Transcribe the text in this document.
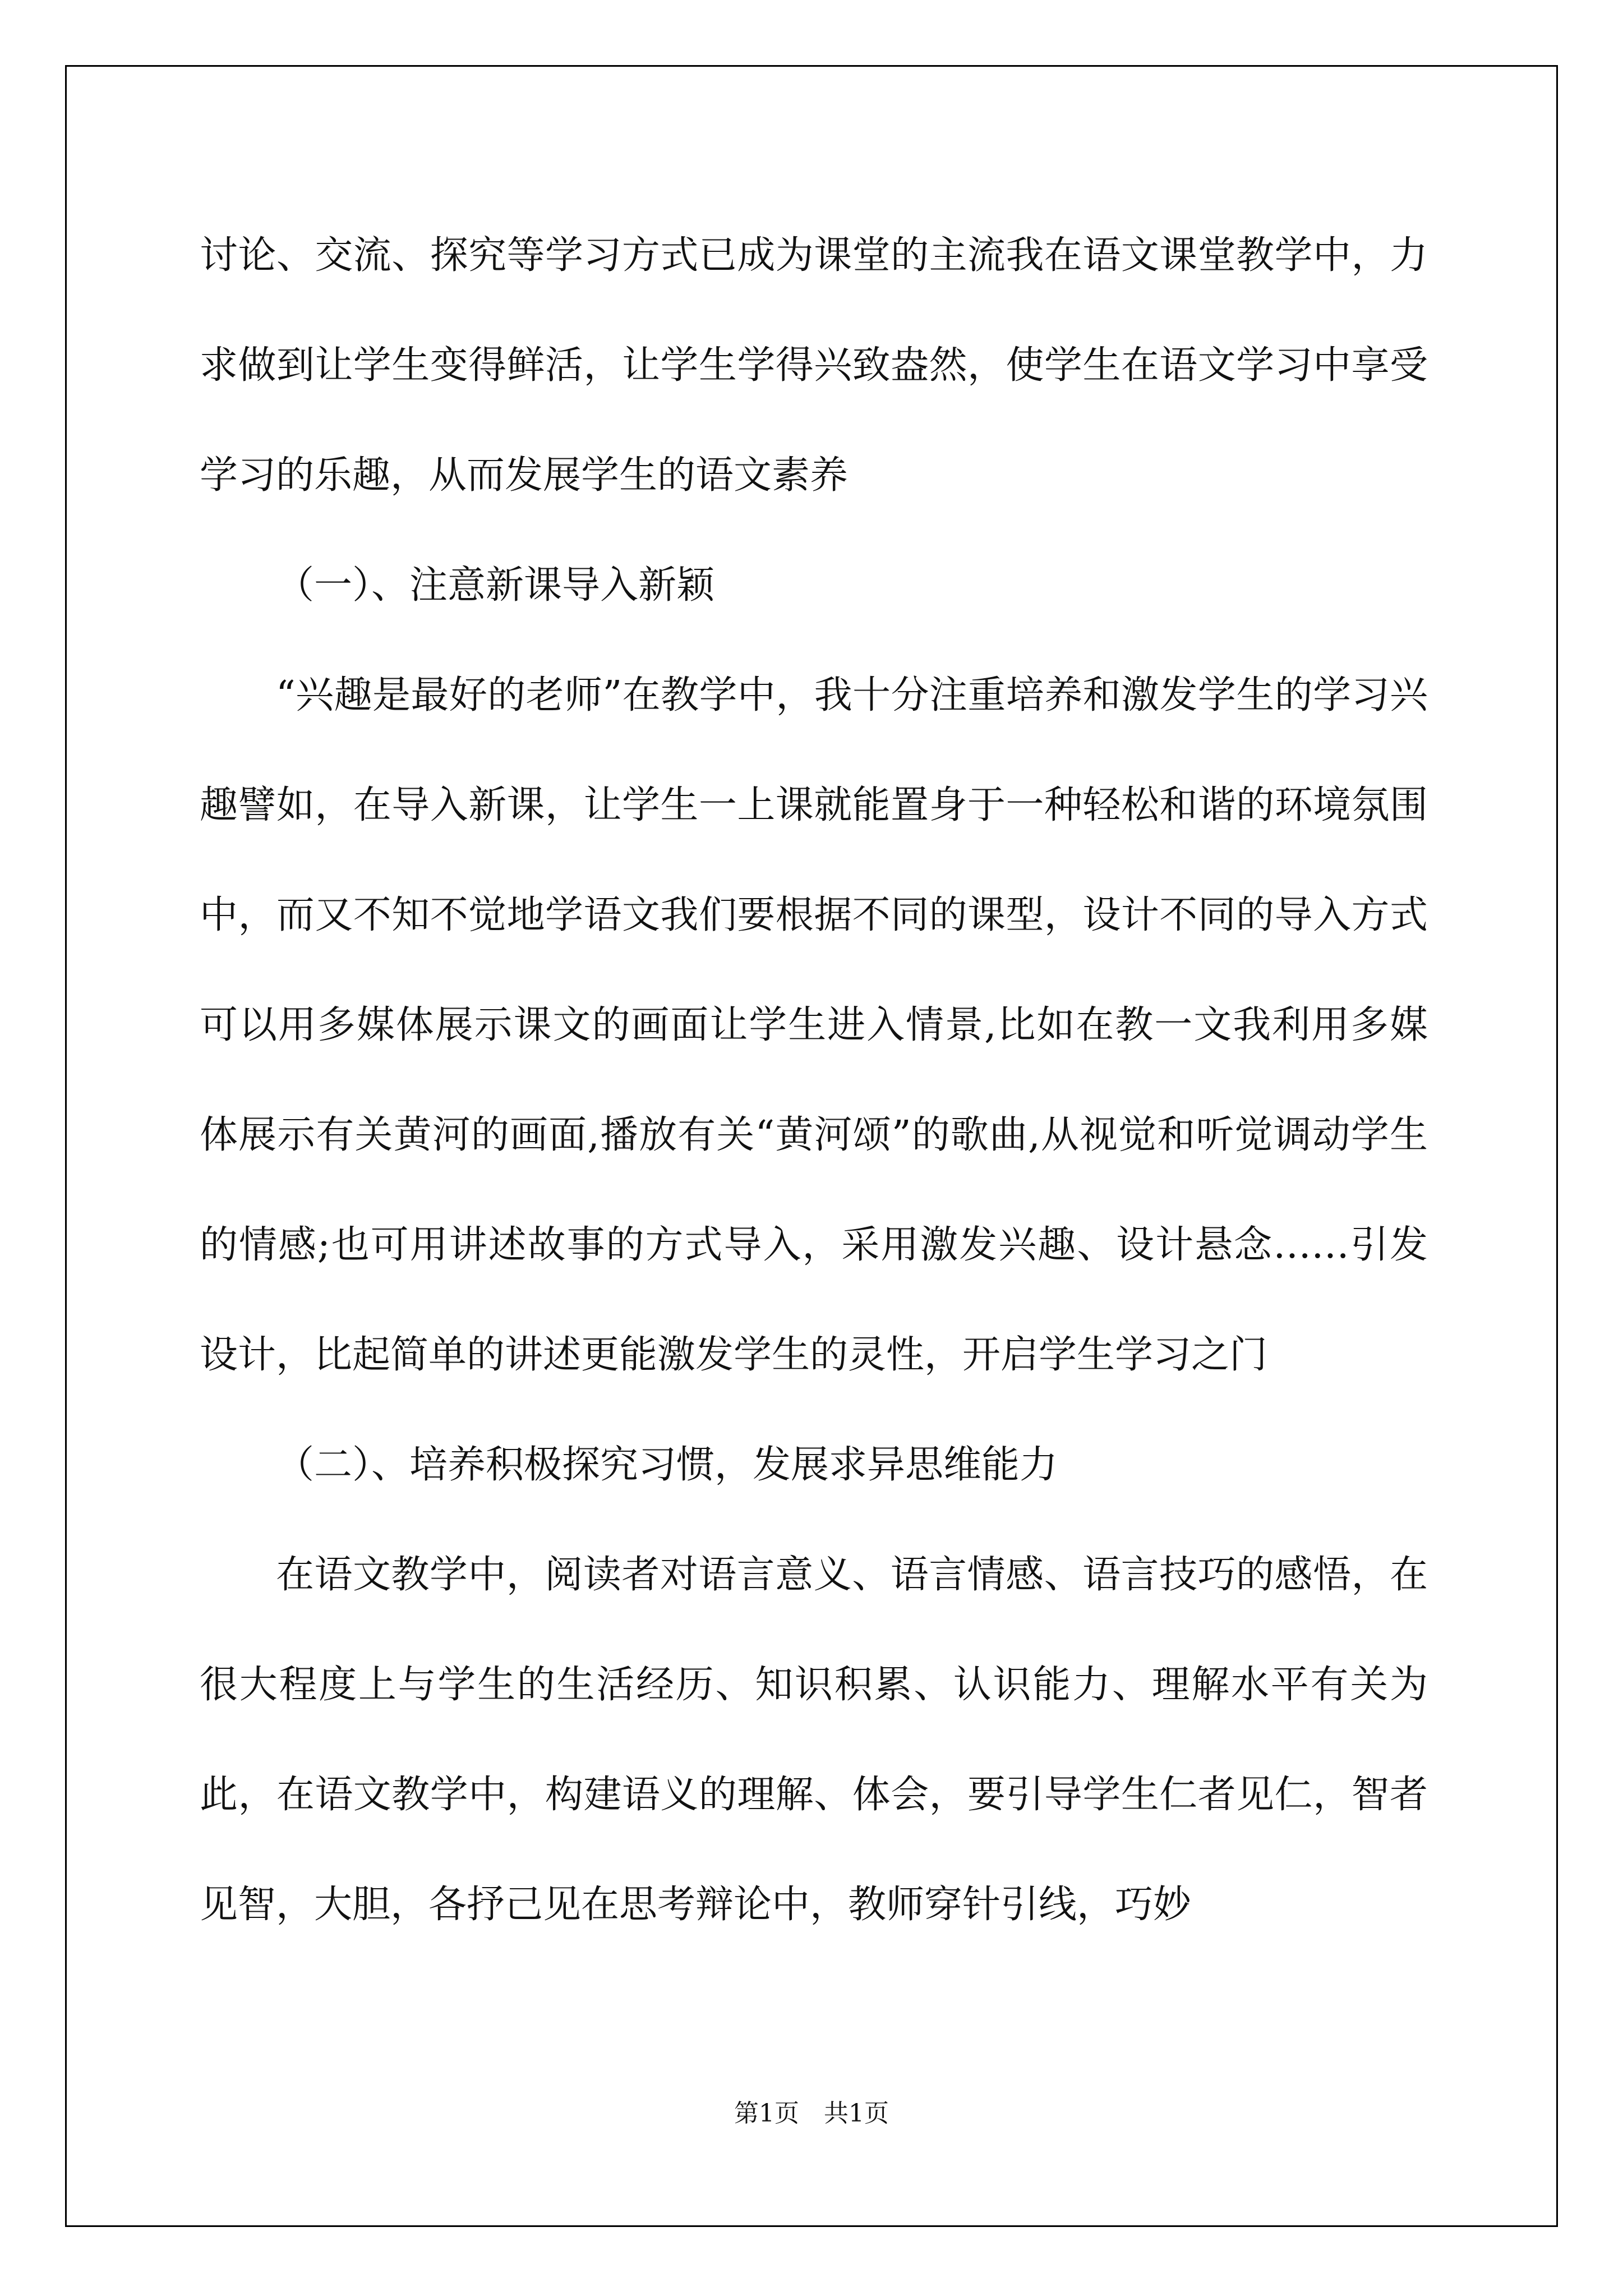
讨论、交流、探究等学习方式已成为课堂的主流我在语文课堂教学中，力求做到让学生变得鲜活，让学生学得兴致盎然，使学生在语文学习中享受学习的乐趣，从而发展学生的语文素养

（一）、注意新课导入新颖

“兴趣是最好的老师”在教学中，我十分注重培养和激发学生的学习兴趣譬如，在导入新课，让学生一上课就能置身于一种轻松和谐的环境氛围中，而又不知不觉地学语文我们要根据不同的课型，设计不同的导入方式可以用多媒体展示课文的画面让学生进入情景,比如在教一文我利用多媒体展示有关黄河的画面,播放有关“黄河颂”的歌曲,从视觉和听觉调动学生的情感;也可用讲述故事的方式导入，采用激发兴趣、设计悬念……引发设计，比起简单的讲述更能激发学生的灵性，开启学生学习之门

（二）、培养积极探究习惯，发展求异思维能力

在语文教学中，阅读者对语言意义、语言情感、语言技巧的感悟，在很大程度上与学生的生活经历、知识积累、认识能力、理解水平有关为此，在语文教学中，构建语义的理解、体会，要引导学生仁者见仁，智者见智，大胆，各抒己见在思考辩论中，教师穿针引线，巧妙

第1页　共1页
